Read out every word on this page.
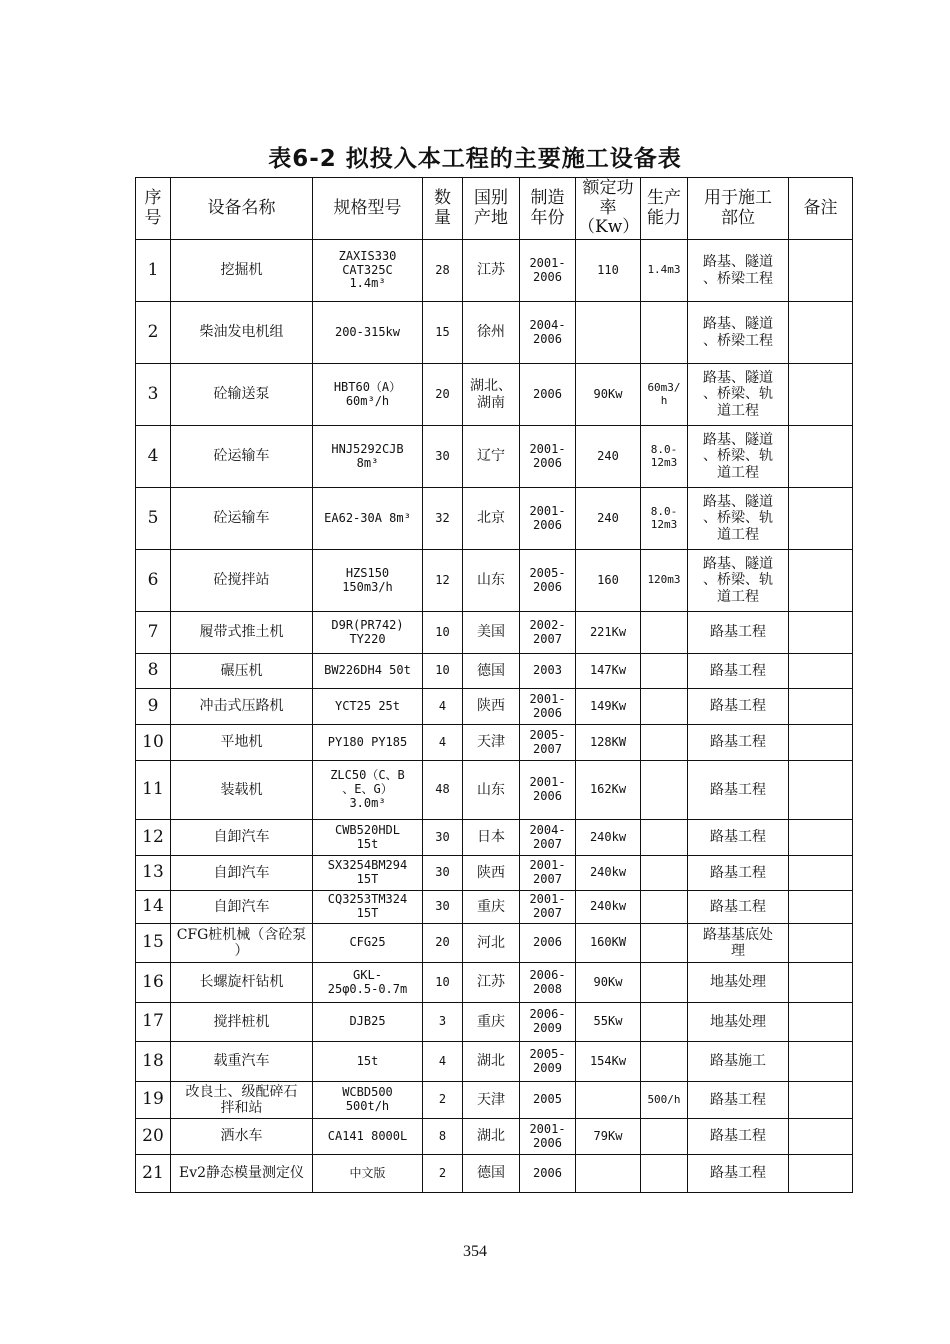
表6-2 拟投入本工程的主要施工设备表
序
号	设备名称	规格型号	数
量	国别
产地	制造
年份	额定功
率
（Kw）	生产
能力	用于施工
部位	备注

1	挖掘机	ZAXIS330
CAT325C
1.4m³	28	江苏	2001-
2006	110	1.4m3	路基、隧道
、桥梁工程	

2	柴油发电机组	200-315kw	15	徐州	2004-
2006			路基、隧道
、桥梁工程	

3	砼输送泵	HBT60（A）
60m³/h	20	湖北、
湖南	2006	90Kw	60m3/
h	路基、隧道
、桥梁、轨
道工程	

4	砼运输车	HNJ5292CJB
8m³	30	辽宁	2001-
2006	240	8.0-
12m3	路基、隧道
、桥梁、轨
道工程	

5	砼运输车	EA62-30A 8m³	32	北京	2001-
2006	240	8.0-
12m3	路基、隧道
、桥梁、轨
道工程	

6	砼搅拌站	HZS150
150m3/h	12	山东	2005-
2006	160	120m3	路基、隧道
、桥梁、轨
道工程	

7	履带式推土机	D9R(PR742)
TY220	10	美国	2002-
2007	221Kw		路基工程	

8	碾压机	BW226DH4 50t	10	德国	2003	147Kw		路基工程	

9	冲击式压路机	YCT25 25t	4	陕西	2001-
2006	149Kw		路基工程	

10	平地机	PY180 PY185	4	天津	2005-
2007	128KW		路基工程	

11	装载机	ZLC50（C、B
、E、G）
3.0m³	48	山东	2001-
2006	162Kw		路基工程	

12	自卸汽车	CWB520HDL
15t	30	日本	2004-
2007	240kw		路基工程	

13	自卸汽车	SX3254BM294
15T	30	陕西	2001-
2007	240kw		路基工程	

14	自卸汽车	CQ3253TM324
15T	30	重庆	2001-
2007	240kw		路基工程	

15	CFG桩机械（含砼泵
）	CFG25	20	河北	2006	160KW		路基基底处
理	

16	长螺旋杆钻机	GKL-
25φ0.5-0.7m	10	江苏	2006-
2008	90Kw		地基处理	

17	搅拌桩机	DJB25	3	重庆	2006-
2009	55Kw		地基处理	

18	载重汽车	15t	4	湖北	2005-
2009	154Kw		路基施工	

19	改良土、级配碎石
拌和站	WCBD500
500t/h	2	天津	2005		500/h	路基工程	

20	洒水车	CA141 8000L	8	湖北	2001-
2006	79Kw		路基工程	

21	Ev2静态模量测定仪	中文版	2	德国	2006			路基工程	

354
